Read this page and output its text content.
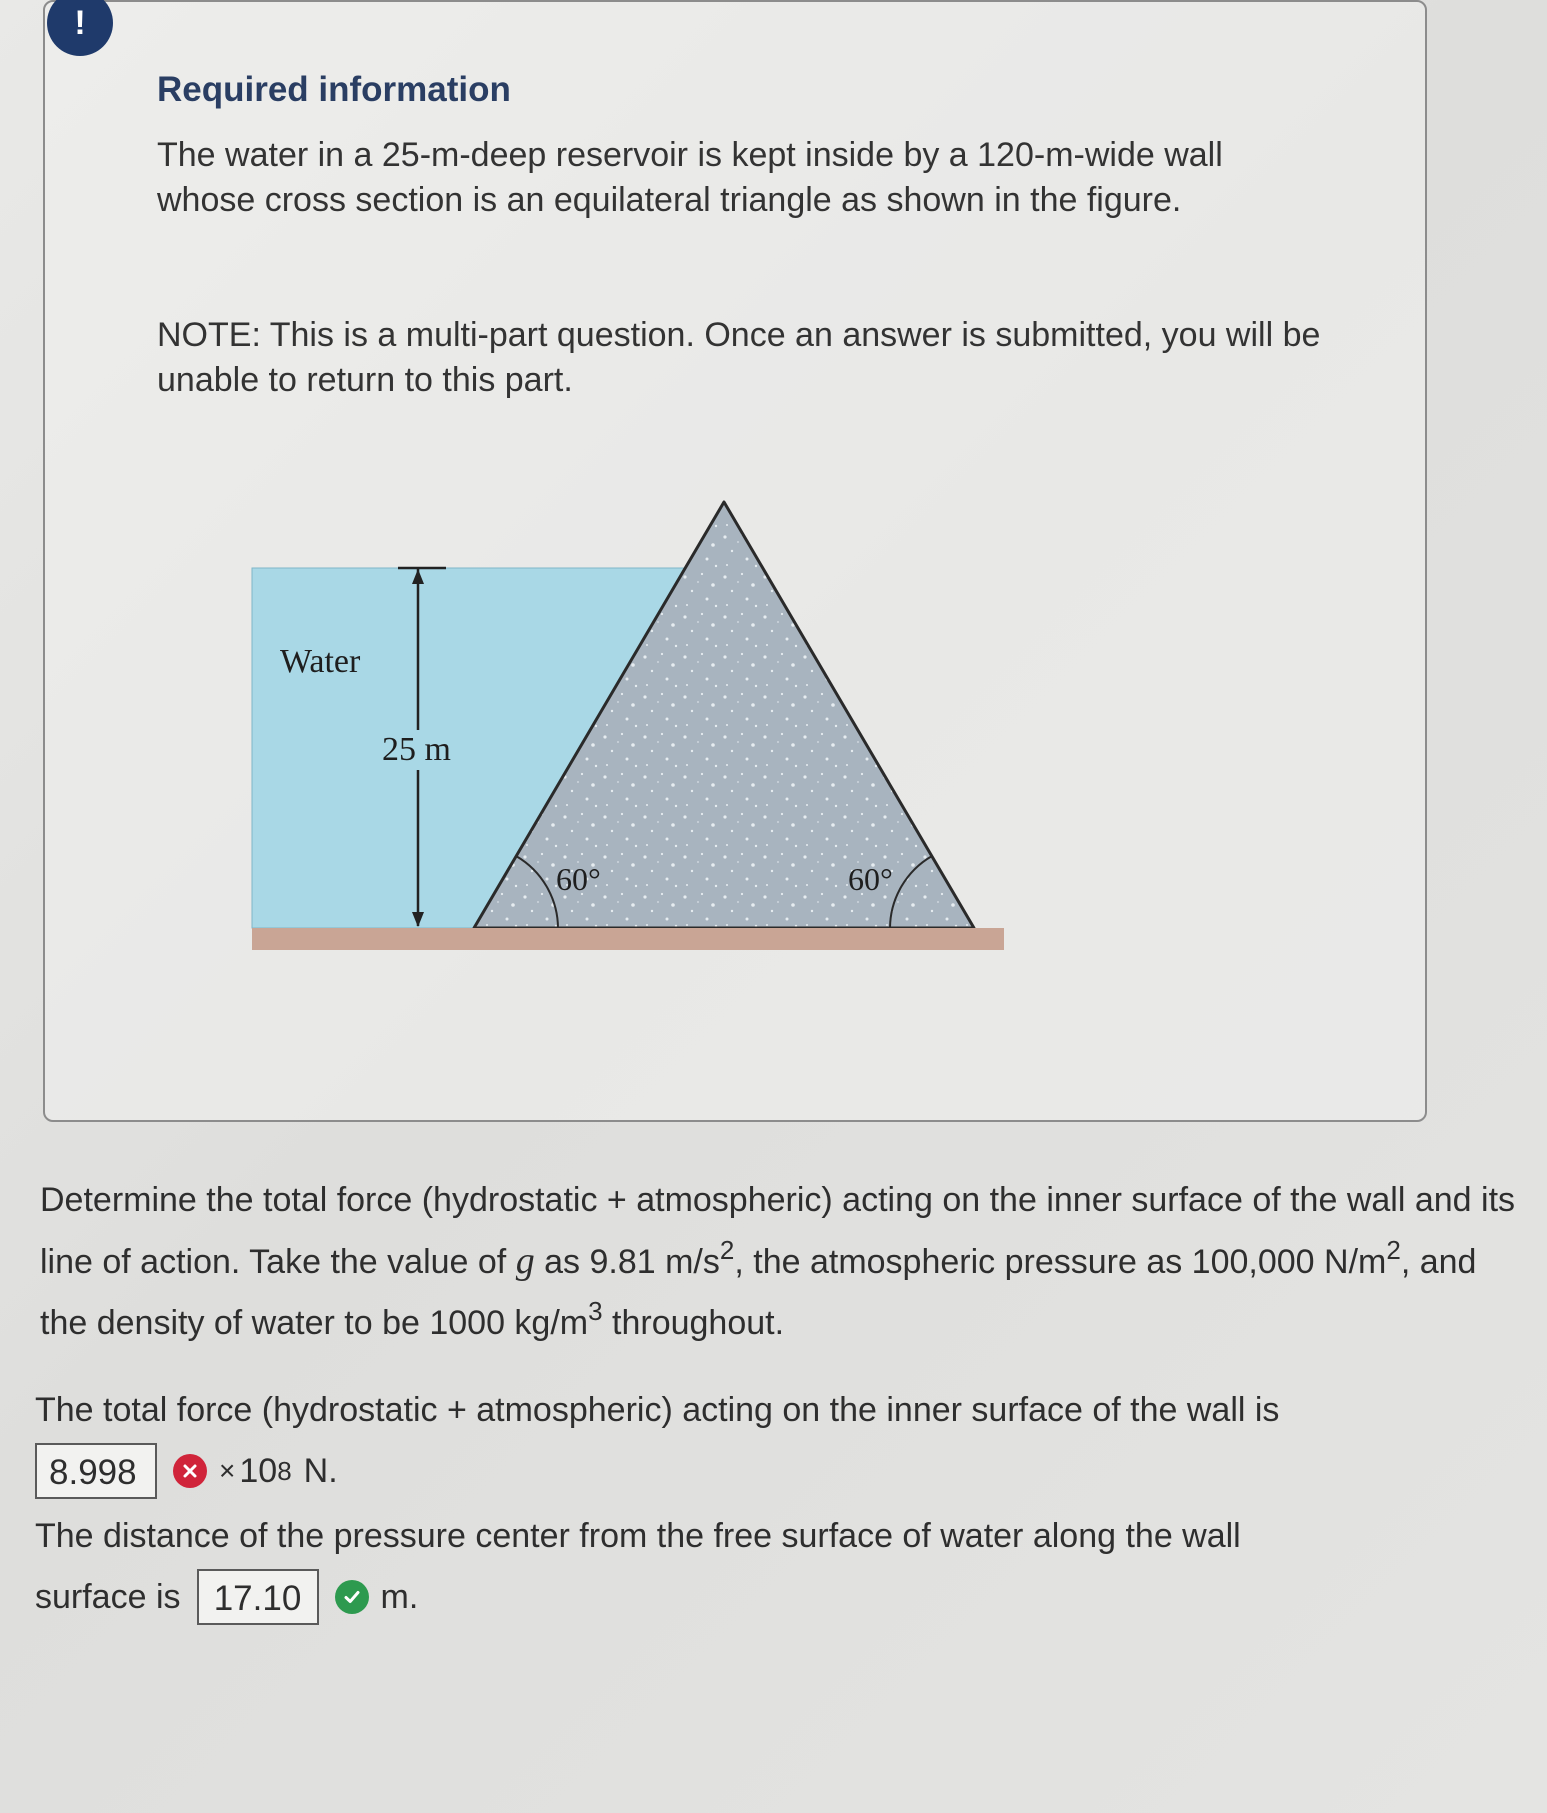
!
Required information

The water in a 25-m-deep reservoir is kept inside by a 120-m-wide wall whose cross section is an equilateral triangle as shown in the figure.

NOTE: This is a multi-part question. Once an answer is submitted, you will be unable to return to this part.

Water
25 m
60°	60°

Determine the total force (hydrostatic + atmospheric) acting on the inner surface of the wall and its line of action. Take the value of g as 9.81 $m/s^2$, the atmospheric pressure as 100,000 $N/m^2$, and the density of water to be 1000 $kg/m^3$ throughout.

The total force (hydrostatic + atmospheric) acting on the inner surface of the wall is

8.998	× 10 8 N.

The distance of the pressure center from the free surface of water along the wall

surface is 17.10	m.
